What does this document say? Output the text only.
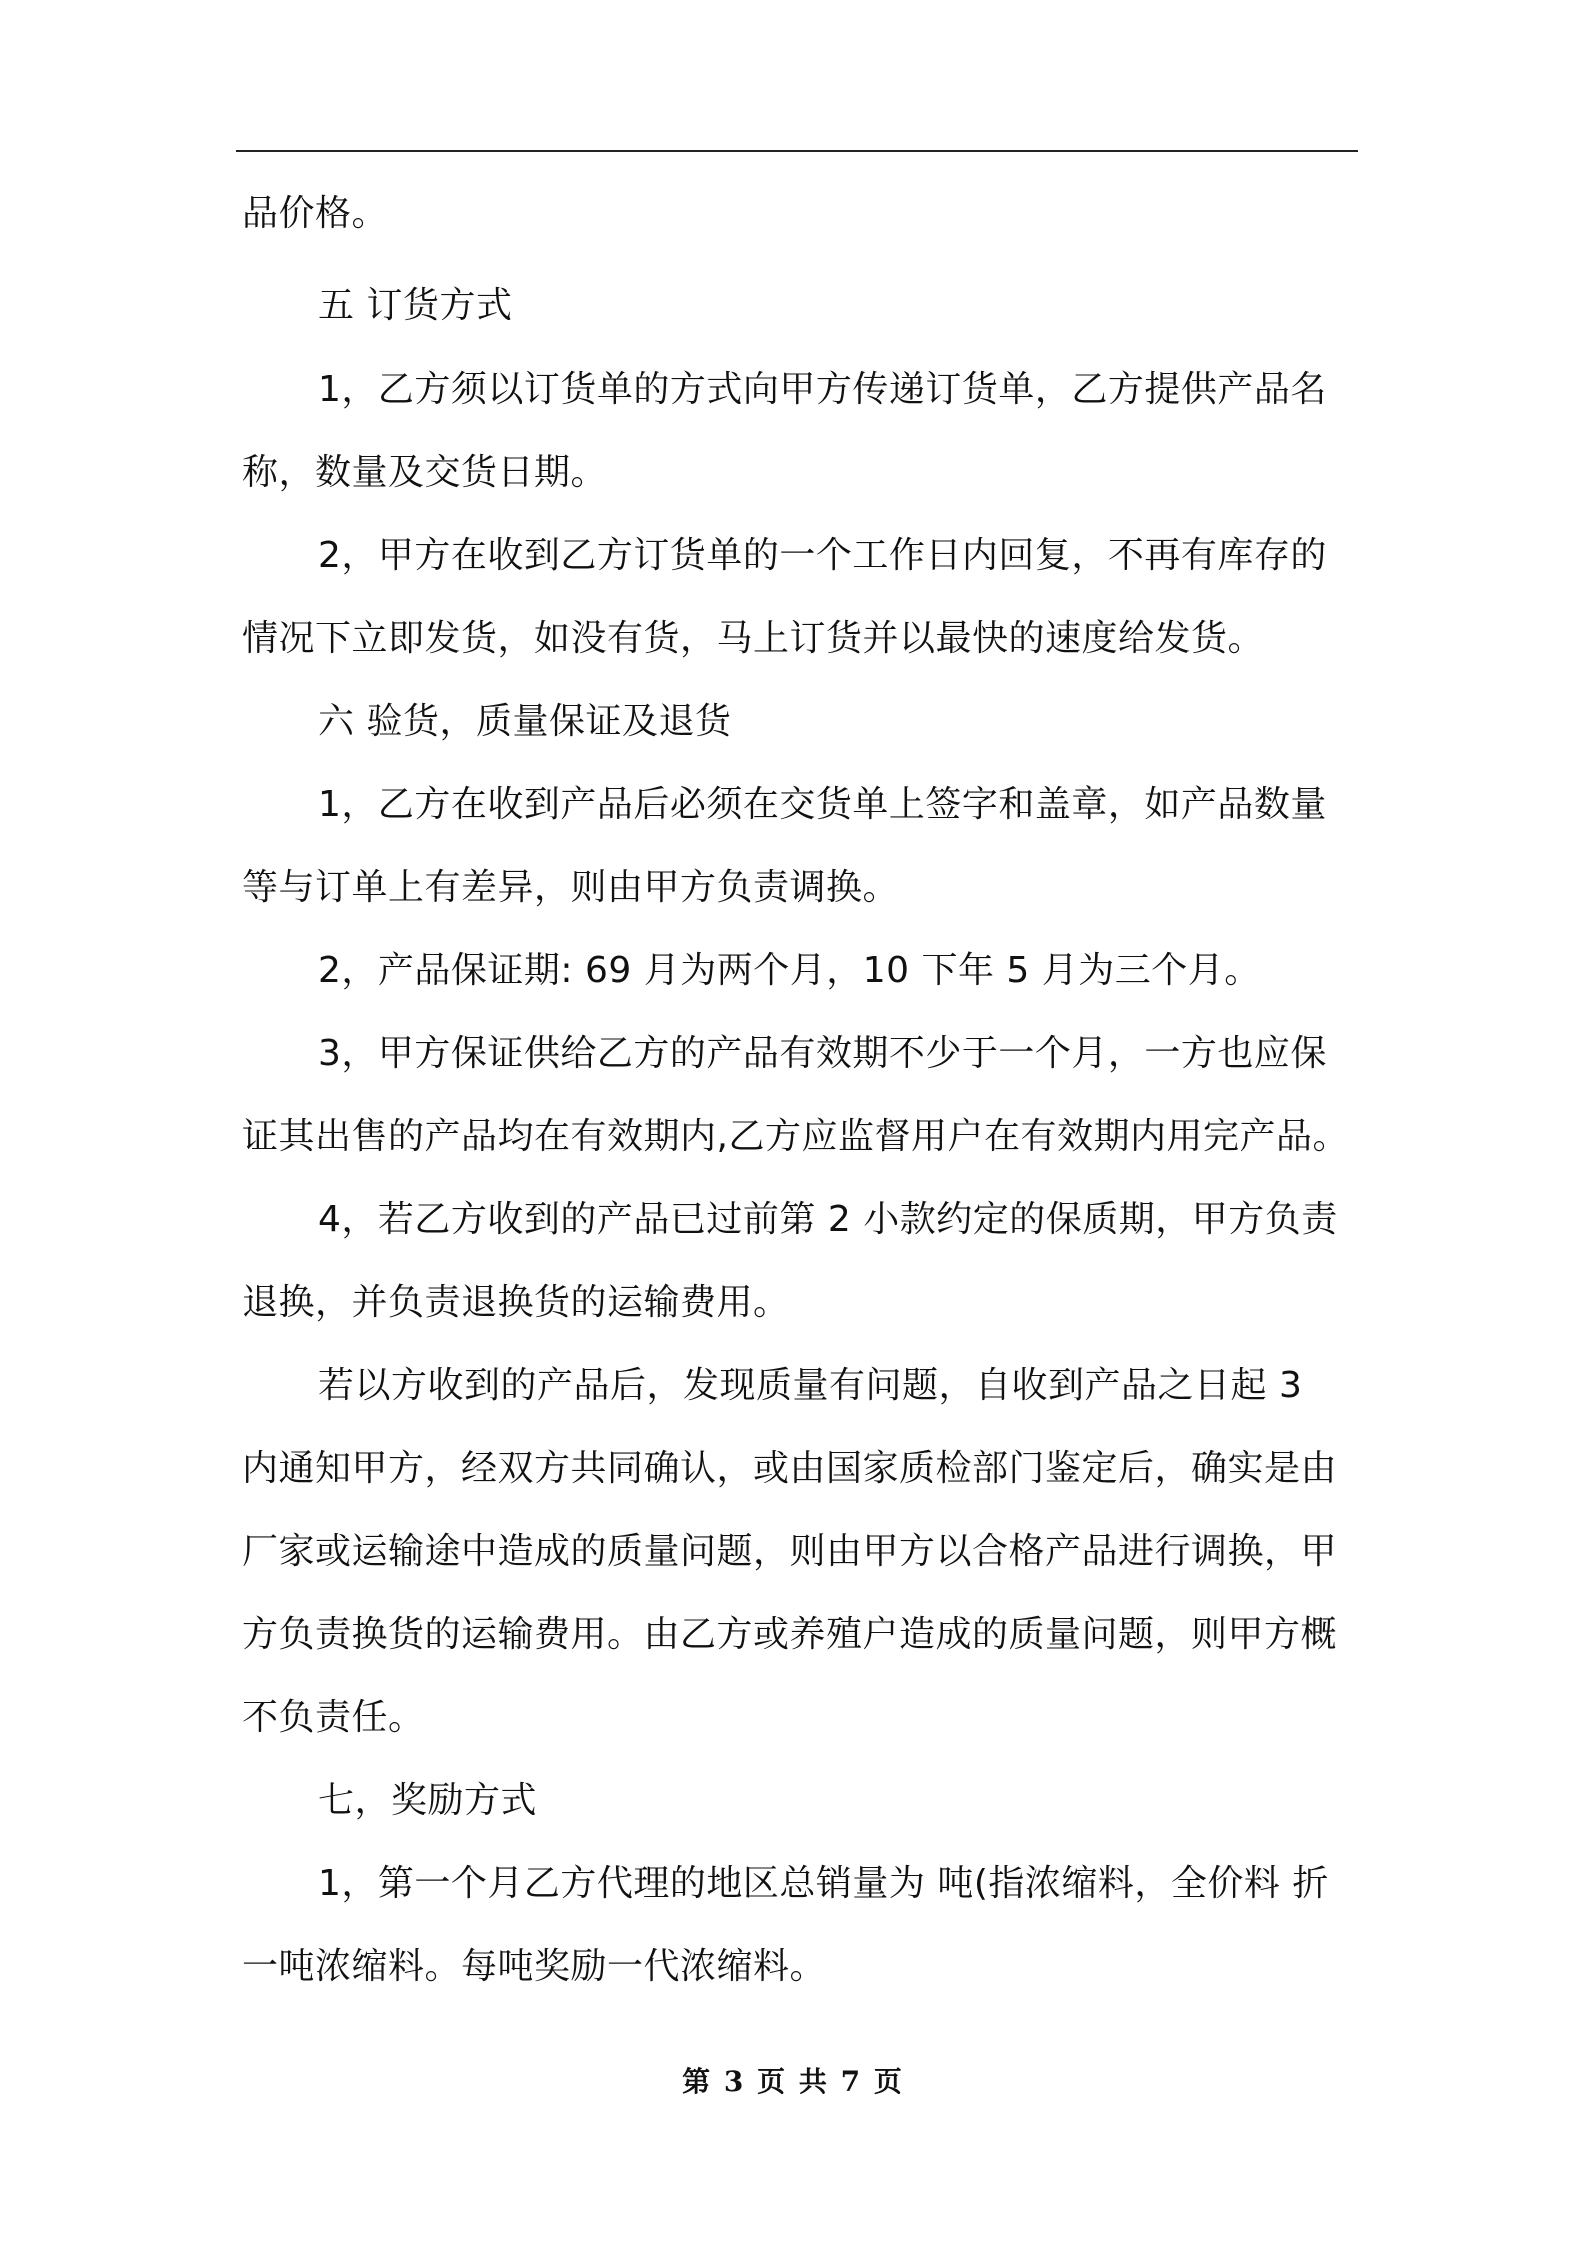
品价格。
五 订货方式
1，乙方须以订货单的方式向甲方传递订货单，乙方提供产品名
称，数量及交货日期。
2，甲方在收到乙方订货单的一个工作日内回复，不再有库存的
情况下立即发货，如没有货，马上订货并以最快的速度给发货。
六 验货，质量保证及退货
1，乙方在收到产品后必须在交货单上签字和盖章，如产品数量
等与订单上有差异，则由甲方负责调换。
2，产品保证期: 69 月为两个月，10 下年 5 月为三个月。
3，甲方保证供给乙方的产品有效期不少于一个月，一方也应保
证其出售的产品均在有效期内,乙方应监督用户在有效期内用完产品。
4，若乙方收到的产品已过前第 2 小款约定的保质期，甲方负责
退换，并负责退换货的运输费用。
若以方收到的产品后，发现质量有问题，自收到产品之日起 3
内通知甲方，经双方共同确认，或由国家质检部门鉴定后，确实是由
厂家或运输途中造成的质量问题，则由甲方以合格产品进行调换，甲
方负责换货的运输费用。由乙方或养殖户造成的质量问题，则甲方概
不负责任。
七，奖励方式
1，第一个月乙方代理的地区总销量为 吨(指浓缩料，全价料 折
一吨浓缩料。每吨奖励一代浓缩料。
第 3 页 共 7 页
